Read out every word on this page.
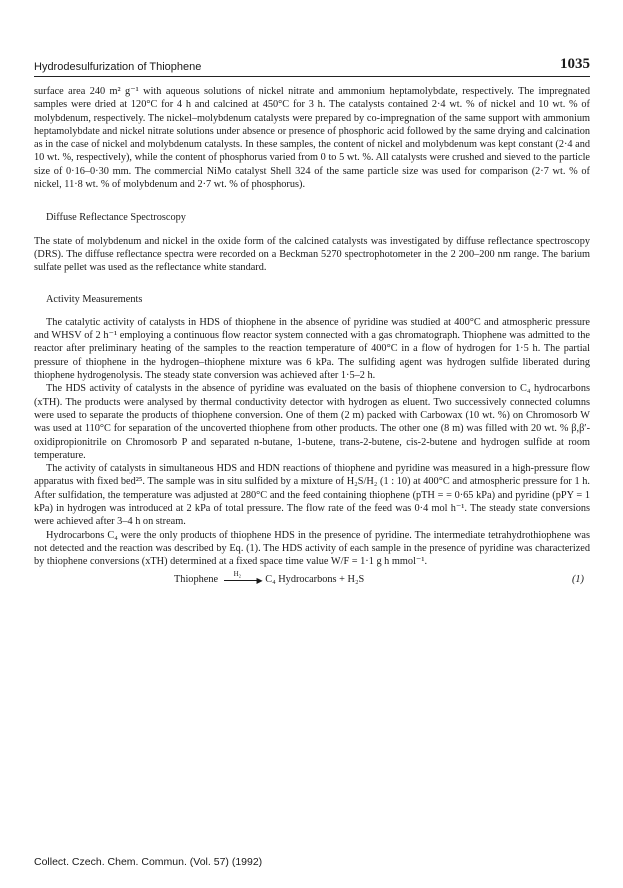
Hydrodesulfurization of Thiophene	1035

surface area 240 m² g⁻¹ with aqueous solutions of nickel nitrate and ammonium heptamolybdate, respectively. The impregnated samples were dried at 120°C for 4 h and calcined at 450°C for 3 h. The catalysts contained 2·4 wt. % of nickel and 10 wt. % of molybdenum, respectively. The nickel–molybdenum catalysts were prepared by co-impregnation of the same support with ammonium heptamolybdate and nickel nitrate solutions under absence or presence of phosphoric acid followed by the same drying and calcination as in the case of nickel and molybdenum catalysts. In these samples, the content of nickel and molybdenum was kept constant (2·4 and 10 wt. %, respectively), while the content of phosphorus varied from 0 to 5 wt. %. All catalysts were crushed and sieved to the particle size of 0·16–0·30 mm. The commercial NiMo catalyst Shell 324 of the same particle size was used for comparison (2·7 wt. % of nickel, 11·8 wt. % of molybdenum and 2·7 wt. % of phosphorus).

Diffuse Reflectance Spectroscopy

The state of molybdenum and nickel in the oxide form of the calcined catalysts was investigated by diffuse reflectance spectroscopy (DRS). The diffuse reflectance spectra were recorded on a Beckman 5270 spectrophotometer in the 2 200–200 nm range. The barium sulfate pellet was used as the reflectance white standard.

Activity Measurements

The catalytic activity of catalysts in HDS of thiophene in the absence of pyridine was studied at 400°C and atmospheric pressure and WHSV of 2 h⁻¹ employing a continuous flow reactor system connected with a gas chromatograph. Thiophene was admitted to the reactor after preliminary heating of the samples to the reaction temperature of 400°C in a flow of hydrogen for 1·5 h. The partial pressure of thiophene in the hydrogen–thiophene mixture was 6 kPa. The sulfiding agent was hydrogen sulfide liberated during thiophene hydrogenolysis. The steady state conversion was achieved after 1·5–2 h.

The HDS activity of catalysts in the absence of pyridine was evaluated on the basis of thiophene conversion to C₄ hydrocarbons (xTH). The products were analysed by thermal conductivity detector with hydrogen as eluent. Two successively connected columns were used to separate the products of thiophene conversion. One of them (2 m) packed with Carbowax (10 wt. %) on Chromosorb W was used at 110°C for separation of the uncoverted thiophene from other products. The other one (8 m) was filled with 20 wt. % β,β′-oxidipropionitrile on Chromosorb P and separated n-butane, 1-butene, trans-2-butene, cis-2-butene and hydrogen sulfide at room temperature.

The activity of catalysts in simultaneous HDS and HDN reactions of thiophene and pyridine was measured in a high-pressure flow apparatus with fixed bed²⁵. The sample was in situ sulfided by a mixture of H₂S/H₂ (1 : 10) at 400°C and atmospheric pressure for 1 h. After sulfidation, the temperature was adjusted at 280°C and the feed containing thiophene (pTH = = 0·65 kPa) and pyridine (pPY = 1 kPa) in hydrogen was introduced at 2 kPa of total pressure. The flow rate of the feed was 0·4 mol h⁻¹. The steady state conversions were achieved after 3–4 h on stream.

Hydrocarbons C₄ were the only products of thiophene HDS in the presence of pyridine. The intermediate tetrahydrothiophene was not detected and the reaction was described by Eq. (1). The HDS activity of each sample in the presence of pyridine was characterized by thiophene conversions (xTH) determined at a fixed space time value W/F = 1·1 g h mmol⁻¹.

Thiophene H₂
▶ C₄ Hydrocarbons + H₂S	(1)
Collect. Czech. Chem. Commun. (Vol. 57) (1992)
